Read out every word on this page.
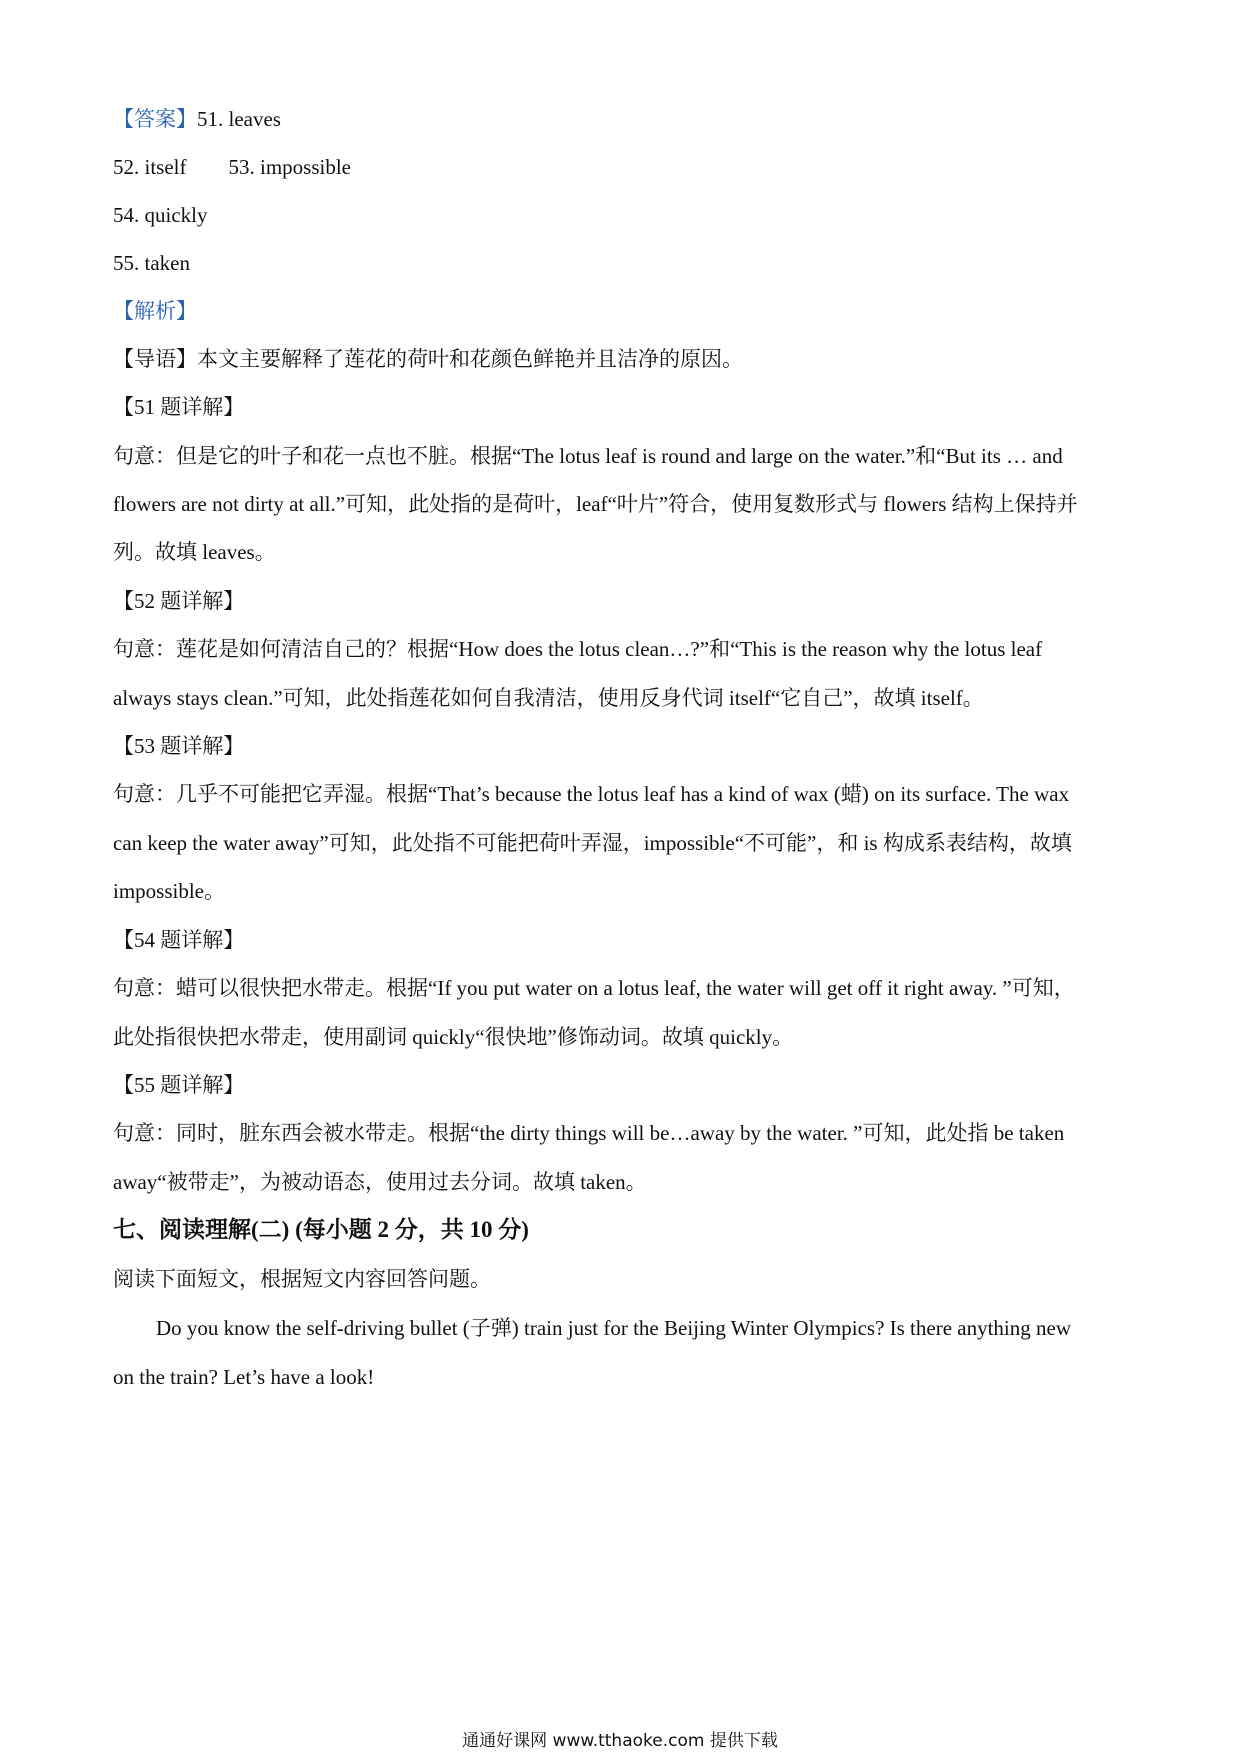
【答案】51. leaves
52. itself 53. impossible
54. quickly
55. taken
【解析】
【导语】本文主要解释了莲花的荷叶和花颜色鲜艳并且洁净的原因。
【51 题详解】
句意：但是它的叶子和花一点也不脏。根据“The lotus leaf is round and large on the water.”和“But its … and
flowers are not dirty at all.”可知，此处指的是荷叶，leaf“叶片”符合，使用复数形式与 flowers 结构上保持并
列。故填 leaves。
【52 题详解】
句意：莲花是如何清洁自己的？根据“How does the lotus clean…?”和“This is the reason why the lotus leaf
always stays clean.”可知，此处指莲花如何自我清洁，使用反身代词 itself“它自己”，故填 itself。
【53 题详解】
句意：几乎不可能把它弄湿。根据“That’s because the lotus leaf has a kind of wax (蜡) on its surface. The wax
can keep the water away”可知，此处指不可能把荷叶弄湿，impossible“不可能”，和 is 构成系表结构，故填
impossible。
【54 题详解】
句意：蜡可以很快把水带走。根据“If you put water on a lotus leaf, the water will get off it right away. ”可知，
此处指很快把水带走，使用副词 quickly“很快地”修饰动词。故填 quickly。
【55 题详解】
句意：同时，脏东西会被水带走。根据“the dirty things will be…away by the water. ”可知，此处指 be taken
away“被带走”，为被动语态，使用过去分词。故填 taken。
七、阅读理解(二) (每小题 2 分，共 10 分)
阅读下面短文，根据短文内容回答问题。
Do you know the self-driving bullet (子弹) train just for the Beijing Winter Olympics? Is there anything new
on the train? Let’s have a look!
通通好课网 www.tthaoke.com 提供下载
